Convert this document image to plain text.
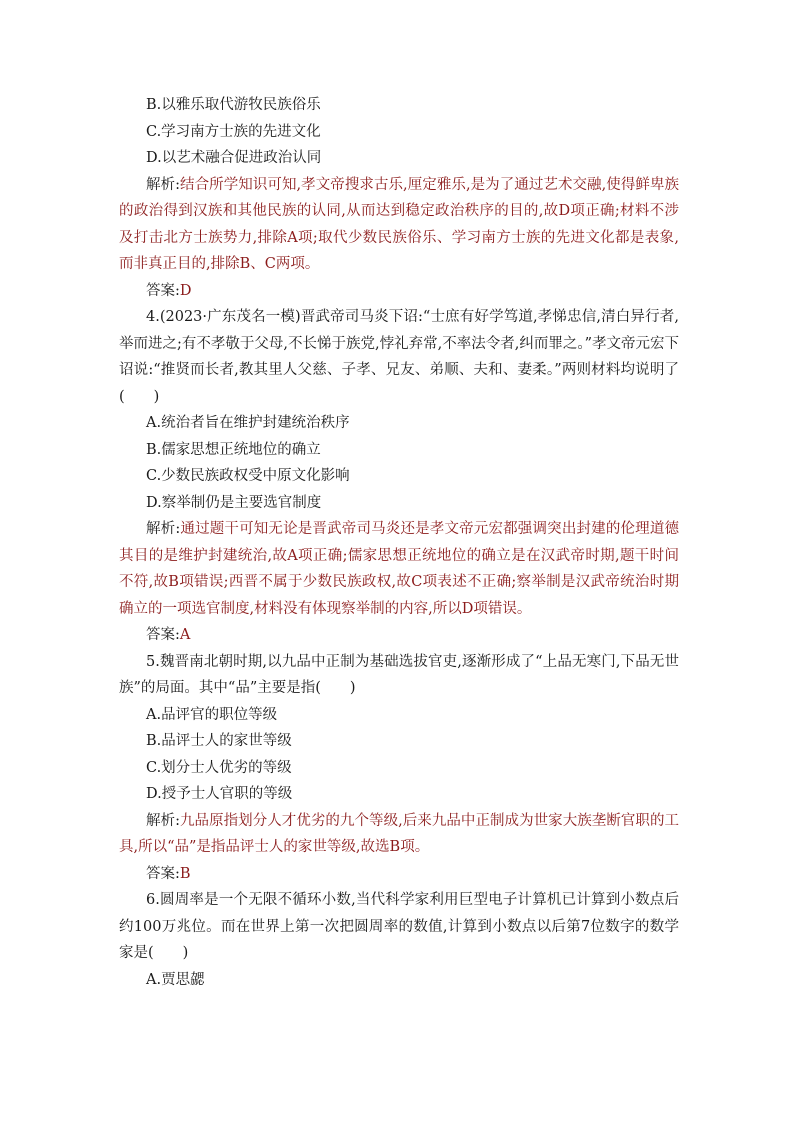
B.以雅乐取代游牧民族俗乐
C.学习南方士族的先进文化
D.以艺术融合促进政治认同
解析:结合所学知识可知,孝文帝搜求古乐,厘定雅乐,是为了通过艺术交融,使得鲜卑族的政治得到汉族和其他民族的认同,从而达到稳定政治秩序的目的,故D项正确;材料不涉及打击北方士族势力,排除A项;取代少数民族俗乐、学习南方士族的先进文化都是表象,而非真正目的,排除B、C两项。
答案:D
4.(2023·广东茂名一模)晋武帝司马炎下诏:“士庶有好学笃道,孝悌忠信,清白异行者,举而进之;有不孝敬于父母,不长悌于族党,悖礼弃常,不率法令者,纠而罪之。”孝文帝元宏下诏说:“推贤而长者,教其里人父慈、子孝、兄友、弟顺、夫和、妻柔。”两则材料均说明了(　　)
A.统治者旨在维护封建统治秩序
B.儒家思想正统地位的确立
C.少数民族政权受中原文化影响
D.察举制仍是主要选官制度
解析:通过题干可知无论是晋武帝司马炎还是孝文帝元宏都强调突出封建的伦理道德其目的是维护封建统治,故A项正确;儒家思想正统地位的确立是在汉武帝时期,题干时间不符,故B项错误;西晋不属于少数民族政权,故C项表述不正确;察举制是汉武帝统治时期确立的一项选官制度,材料没有体现察举制的内容,所以D项错误。
答案:A
5.魏晋南北朝时期,以九品中正制为基础选拔官吏,逐渐形成了“上品无寒门,下品无世族”的局面。其中“品”主要是指(　　)
A.品评官的职位等级
B.品评士人的家世等级
C.划分士人优劣的等级
D.授予士人官职的等级
解析:九品原指划分人才优劣的九个等级,后来九品中正制成为世家大族垄断官职的工具,所以“品”是指品评士人的家世等级,故选B项。
答案:B
6.圆周率是一个无限不循环小数,当代科学家利用巨型电子计算机已计算到小数点后约100万兆位。而在世界上第一次把圆周率的数值,计算到小数点以后第7位数字的数学家是(　　)
A.贾思勰
